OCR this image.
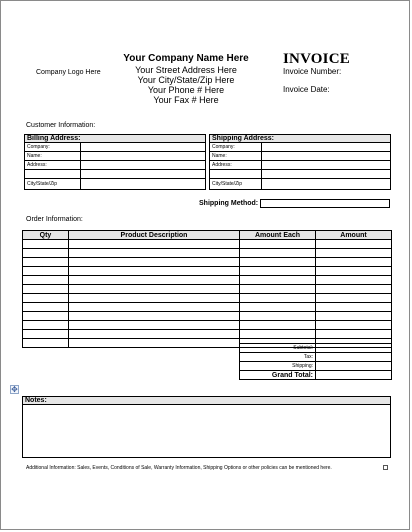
Company Logo Here
Your Company Name Here
Your Street Address Here
Your City/State/Zip Here
Your Phone # Here
Your Fax # Here
INVOICE
Invoice Number:
Invoice Date:
Customer Information:
Billing Address:	
Company:	
Name:	
Address:	

City/State/Zip	
Shipping Address:	
Company:	
Name:	
Address:	

City/State/Zip	
Shipping Method:
Order Information:
Qty	Product Description	Amount Each	Amount

Subtotal:	
Tax:	
Shipping:	
Grand Total:	
✥
Notes:
Additional Information: Sales, Events, Conditions of Sale, Warranty Information, Shipping Options or other policies can be mentioned here.
